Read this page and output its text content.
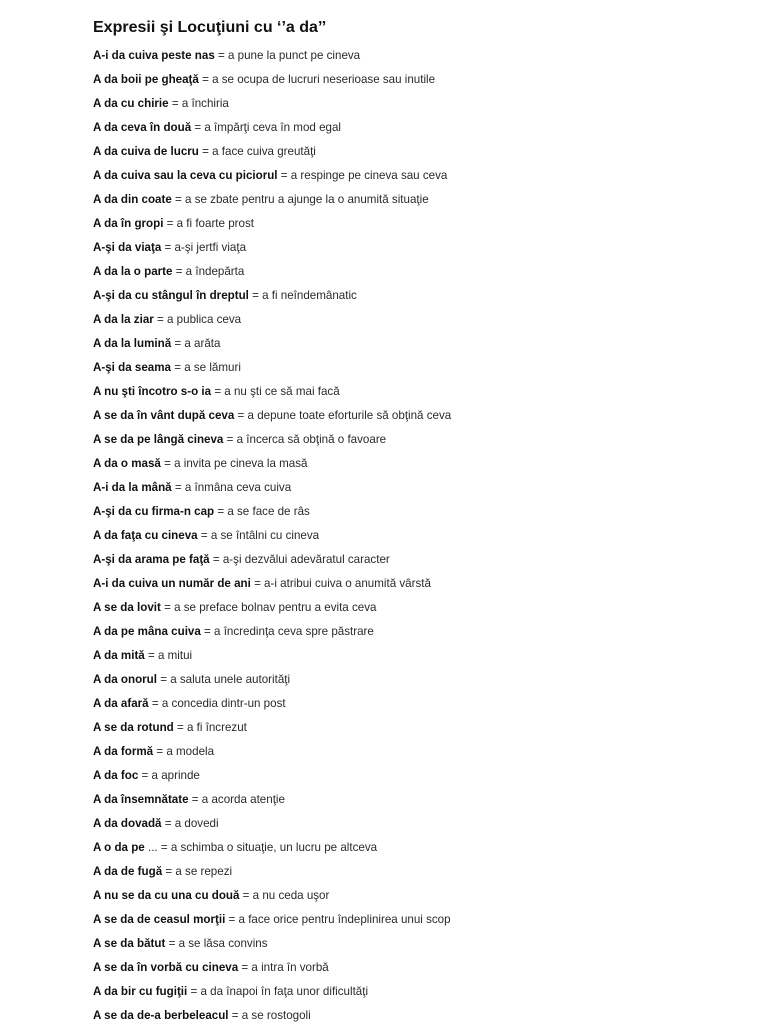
Expresii şi Locuţiuni cu ‘’a da’’
A-i da cuiva peste nas = a pune la punct pe cineva
A da boii pe gheaţă = a se ocupa de lucruri neserioase sau inutile
A da cu chirie = a închiria
A da ceva în două = a împărţi ceva în mod egal
A da cuiva de lucru = a face cuiva greutăţi
A da cuiva sau la ceva cu piciorul = a respinge pe cineva sau ceva
A da din coate = a se zbate pentru a ajunge la o anumită situaţie
A da în gropi = a fi foarte prost
A-şi da viaţa = a-şi jertfi viaţa
A da la o parte = a îndepărta
A-şi da cu stângul în dreptul = a fi neîndemânatic
A da la ziar = a publica ceva
A da la lumină = a arăta
A-şi da seama = a se lămuri
A nu şti încotro s-o ia = a nu şti ce să mai facă
A se da în vânt după ceva = a depune toate eforturile să obţină ceva
A se da pe lângă cineva = a încerca să obţină o favoare
A da o masă = a invita pe cineva la masă
A-i da la mână = a înmâna ceva cuiva
A-şi da cu firma-n cap = a se face de râs
A da faţa cu cineva = a se întâlni cu cineva
A-şi da arama pe faţă = a-şi dezvălui adevăratul caracter
A-i da cuiva un număr de ani = a-i atribui cuiva o anumită vârstă
A se da lovit = a se preface bolnav pentru a evita ceva
A da pe mâna cuiva = a încredinţa ceva spre păstrare
A da mită = a mitui
A da onorul = a saluta unele autorităţi
A da afară = a concedia dintr-un post
A se da rotund = a fi încrezut
A da formă = a modela
A da foc = a aprinde
A da însemnătate = a acorda atenţie
A da dovadă = a dovedi
A o da pe ... = a schimba o situaţie, un lucru pe altceva
A da de fugă = a se repezi
A nu se da cu una cu două = a nu ceda uşor
A se da de ceasul morţii = a face orice pentru îndeplinirea unui scop
A se da bătut = a se lăsa convins
A se da în vorbă cu cineva = a intra în vorbă
A da bir cu fugiţii = a da înapoi în faţa unor dificultăţi
A se da de-a berbeleacul = a se rostogoli
